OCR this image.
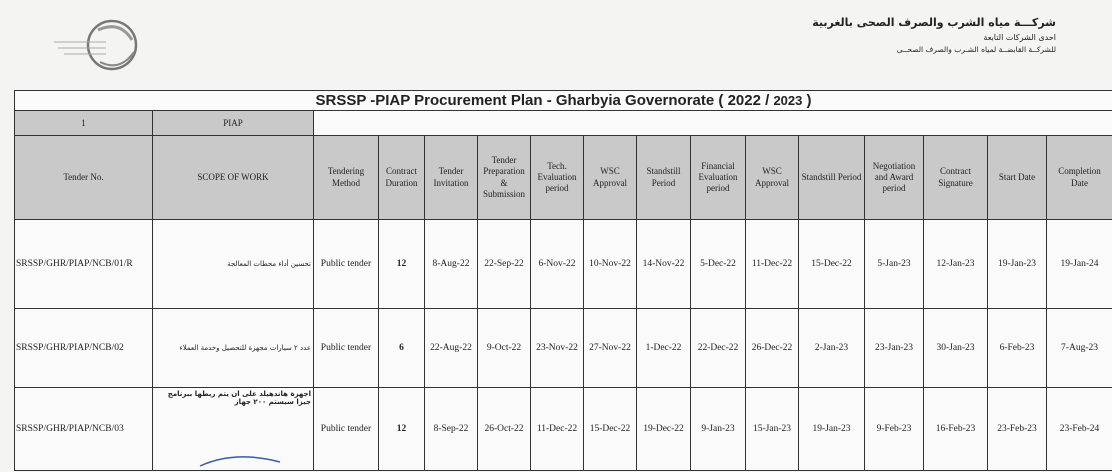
شركـــة مياه الشرب والصرف الصحى بالغربية
احدى الشركات التابعة
للشركــة القابضــة لمياه الشـرب والصرف الصحــى
SRSSP -PIAP Procurement Plan - Gharbyia Governorate ( 2022 / 2023 )															
1	PIAP														
Tender No.	SCOPE OF WORK	Tendering Method	Contract Duration	Tender Invitation	Tender Preparation & Submission	Tech. Evaluation period	WSC Approval	Standstill Period	Financial Evaluation period	WSC Approval	Standstill Period	Negotiation and Award period	Contract Signature	Start Date	Completion Date
SRSSP/GHR/PIAP/NCB/01/R	تحسين أداء محطات المعالجة	Public tender	12	8-Aug-22	22-Sep-22	6-Nov-22	10-Nov-22	14-Nov-22	5-Dec-22	11-Dec-22	15-Dec-22	5-Jan-23	12-Jan-23	19-Jan-23	19-Jan-24
SRSSP/GHR/PIAP/NCB/02	عدد ٢ سيارات مجهزة للتحصيل وخدمة العملاء	Public tender	6	22-Aug-22	9-Oct-22	23-Nov-22	27-Nov-22	1-Dec-22	22-Dec-22	26-Dec-22	2-Jan-23	23-Jan-23	30-Jan-23	6-Feb-23	7-Aug-23
SRSSP/GHR/PIAP/NCB/03	اجهزة هاندهيلد على ان يتم ربطها ببرنامج جيزا سيستم ٢٠٠ جهاز	Public tender	12	8-Sep-22	26-Oct-22	11-Dec-22	15-Dec-22	19-Dec-22	9-Jan-23	15-Jan-23	19-Jan-23	9-Feb-23	16-Feb-23	23-Feb-23	23-Feb-24
